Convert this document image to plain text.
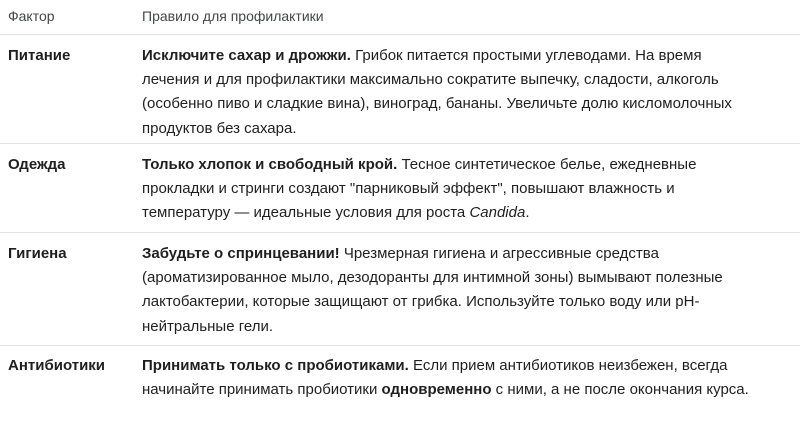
Фактор	Правило для профилактики
Питание	Исключите сахар и дрожжи. Грибок питается простыми углеводами. На время лечения и для профилактики максимально сократите выпечку, сладости, алкоголь (особенно пиво и сладкие вина), виноград, бананы. Увеличьте долю кисломолочных продуктов без сахара.
Одежда	Только хлопок и свободный крой. Тесное синтетическое белье, ежедневные прокладки и стринги создают "парниковый эффект", повышают влажность и температуру — идеальные условия для роста Candida.
Гигиена	Забудьте о спринцевании! Чрезмерная гигиена и агрессивные средства (ароматизированное мыло, дезодоранты для интимной зоны) вымывают полезные лактобактерии, которые защищают от грибка. Используйте только воду или pH-нейтральные гели.
Антибиотики Принимать только с пробиотиками. Если прием антибиотиков неизбежен, всегда начинайте принимать пробиотики одновременно с ними, а не после окончания курса.
